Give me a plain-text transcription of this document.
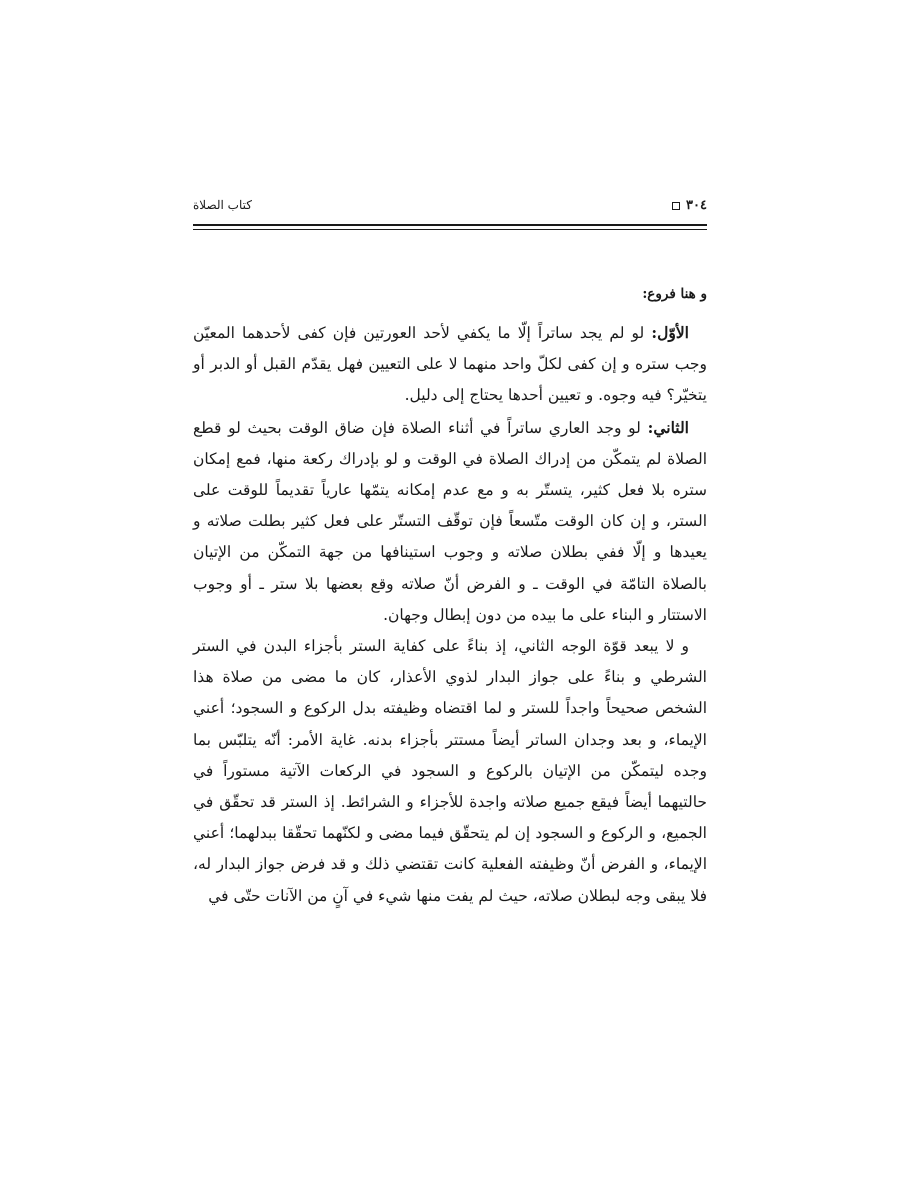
٣٠٤
كتاب الصلاة

و هنا فروع:

الأوّل: لو لم يجد ساتراً إلّا ما يكفي لأحد العورتين فإن كفى لأحدهما المعيّن وجب ستره و إن كفى لكلّ واحد منهما لا على التعيين فهل يقدّم القبل أو الدبر أو يتخيّر؟ فيه وجوه. و تعيين أحدها يحتاج إلى دليل.

الثاني: لو وجد العاري ساتراً في أثناء الصلاة فإن ضاق الوقت بحيث لو قطع الصلاة لم يتمكّن من إدراك الصلاة في الوقت و لو بإدراك ركعة منها، فمع إمكان ستره بلا فعل كثير، يتستّر به و مع عدم إمكانه يتمّها عارياً تقديماً للوقت على الستر، و إن كان الوقت متّسعاً فإن توقّف التستّر على فعل كثير بطلت صلاته و يعيدها و إلّا ففي بطلان صلاته و وجوب استينافها من جهة التمكّن من الإتيان بالصلاة التامّة في الوقت ـ و الفرض أنّ صلاته وقع بعضها بلا ستر ـ أو وجوب الاستتار و البناء على ما بيده من دون إبطال وجهان.

و لا يبعد قوّة الوجه الثاني، إذ بناءً على كفاية الستر بأجزاء البدن في الستر الشرطي و بناءً على جواز البدار لذوي الأعذار، كان ما مضى من صلاة هذا الشخص صحيحاً واجداً للستر و لما اقتضاه وظيفته بدل الركوع و السجود؛ أعني الإيماء، و بعد وجدان الساتر أيضاً مستتر بأجزاء بدنه. غاية الأمر: أنّه يتلبّس بما وجده ليتمكّن من الإتيان بالركوع و السجود في الركعات الآتية مستوراً في حالتيهما أيضاً فيقع جميع صلاته واجدة للأجزاء و الشرائط. إذ الستر قد تحقّق في الجميع، و الركوع و السجود إن لم يتحقّق فيما مضى و لكنّهما تحقّقا ببدلهما؛ أعني الإيماء، و الفرض أنّ وظيفته الفعلية كانت تقتضي ذلك و قد فرض جواز البدار له، فلا يبقى وجه لبطلان صلاته، حيث لم يفت منها شيء في آنٍ من الآنات حتّى في
